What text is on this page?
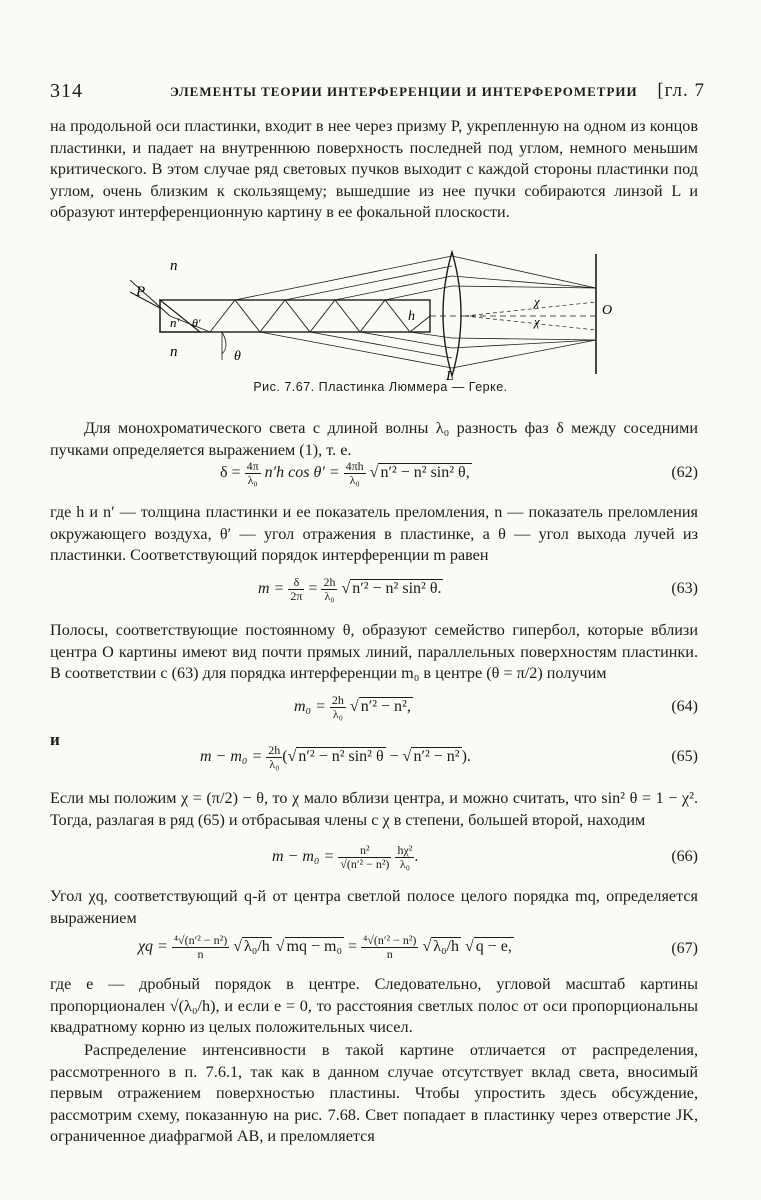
314	ЭЛЕМЕНТЫ ТЕОРИИ ИНТЕРФЕРЕНЦИИ И ИНТЕРФЕРОМЕТРИИ [гл. 7

на продольной оси пластинки, входит в нее через призму P, укрепленную на одном из концов пластинки, и падает на внутреннюю поверхность последней под углом, немного меньшим критического. В этом случае ряд световых пучков выходит с каждой стороны пластинки под углом, очень близким к скользящему; вышедшие из нее пучки собираются линзой L и образуют интерференционную картину в ее фокальной плоскости.

n
P
n′ θ′	h
χ
χ
O
n	θ
L
Рис. 7.67. Пластинка Люммера — Герке.

Для монохроматического света с длиной волны λ₀ разность фаз δ между соседними пучками определяется выражением (1), т. е.

$\delta = \frac{4\pi}{\text{λ₀}} n'h$ $\cos \theta' = \frac{4\pi h}{\text{λ₀}}$ √ n′² − n² sin² θ,	(62)

где h и n′ — толщина пластинки и ее показатель преломления, n — показатель преломления окружающего воздуха, θ′ — угол отражения в пластинке, а θ — угол выхода лучей из пластинки. Соответствующий порядок интерференции m равен

$m = \frac{\delta}{2\pi} = \frac{2h}{\text{λ₀}}$ √ n′² − n² sin² θ.	(63)

Полосы, соответствующие постоянному θ, образуют семейство гипербол, которые вблизи центра O картины имеют вид почти прямых линий, параллельных поверхностям пластинки. В соответствии с (63) для порядка интерференции m₀ в центре (θ = π/2) получим

$m_0 = \frac{2h}{\text{λ₀}}$ √ n′² − n²,	(64)
и
$m - m_0 = \frac{2h}{\text{λ₀}}$ (√ n′² − n² sin² θ − √ n′² − n² ).	(65)

Если мы положим χ = (π/2) − θ, то χ мало вблизи центра, и можно считать, что sin² θ = 1 − χ². Тогда, разлагая в ряд (65) и отбрасывая члены с χ в степени, большей второй, находим

$m - m_0 = \frac{\text{n²}}{\text{√(n′² − n²)}}$
$\frac{\text{hχ²}}{\text{λ₀}}$ .	(66)

Угол χq, соответствующий q-й от центра светлой полосе целого порядка mq, определяется выражением

$\chi q = \frac{\text{⁴√(n′² − n²)}}{n}$ √ λ₀/h √ mq − $m_0 = \frac{\text{⁴√(n′² − n²)}}{n}$ √ λ₀/h √ q − e,	(67)

где e — дробный порядок в центре. Следовательно, угловой масштаб картины пропорционален √(λ₀/h), и если e = 0, то расстояния светлых полос от оси пропорциональны квадратному корню из целых положительных чисел.

Распределение интенсивности в такой картине отличается от распределения, рассмотренного в п. 7.6.1, так как в данном случае отсутствует вклад света, вносимый первым отражением поверхностью пластины. Чтобы упростить здесь обсуждение, рассмотрим схему, показанную на рис. 7.68. Свет попадает в пластинку через отверстие JK, ограниченное диафрагмой AB, и преломляется
